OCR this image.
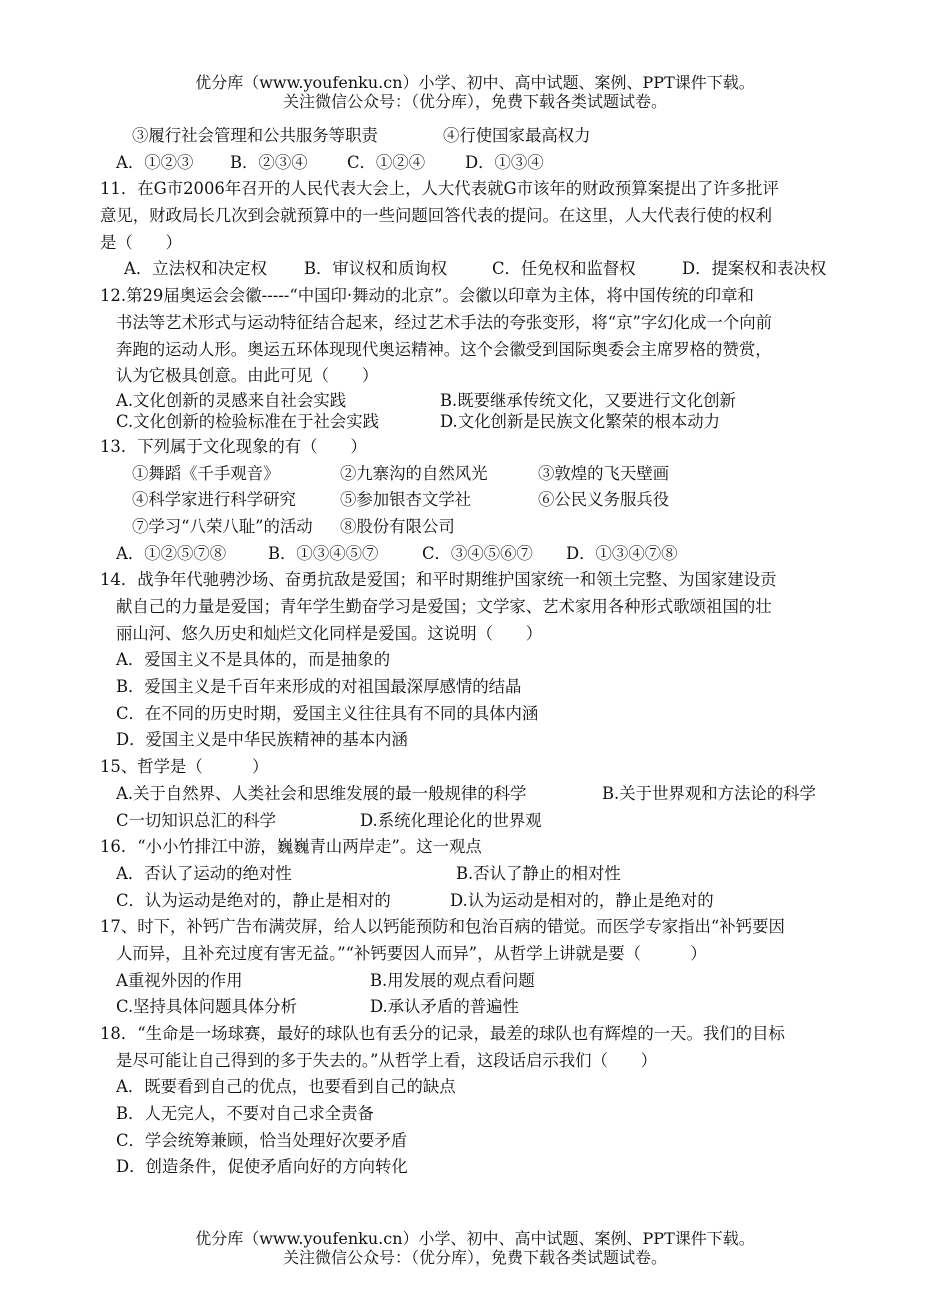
优分库（www.youfenku.cn）小学、初中、高中试题、案例、PPT课件下载。
关注微信公众号：（优分库），免费下载各类试题试卷。
③履行社会管理和公共服务等职责	④行使国家最高权力
A．①②③	B．②③④	C．①②④	D．①③④
11．在G市2006年召开的人民代表大会上，人大代表就G市该年的财政预算案提出了许多批评
意见，财政局长几次到会就预算中的一些问题回答代表的提问。在这里，人大代表行使的权利
是（　　）
A．立法权和决定权	B．审议权和质询权	C．任免权和监督权	D．提案权和表决权
12.第29届奥运会会徽-----“中国印·舞动的北京”。会徽以印章为主体，将中国传统的印章和
书法等艺术形式与运动特征结合起来，经过艺术手法的夸张变形，将“京”字幻化成一个向前
奔跑的运动人形。奥运五环体现现代奥运精神。这个会徽受到国际奥委会主席罗格的赞赏，
认为它极具创意。由此可见（　　）
A.文化创新的灵感来自社会实践	B.既要继承传统文化，又要进行文化创新
C.文化创新的检验标准在于社会实践	D.文化创新是民族文化繁荣的根本动力
13．下列属于文化现象的有（　　）
①舞蹈《千手观音》	②九寨沟的自然风光	③敦煌的飞天壁画
④科学家进行科学研究	⑤参加银杏文学社	⑥公民义务服兵役
⑦学习“八荣八耻”的活动	⑧股份有限公司
A．①②⑤⑦⑧	B．①③④⑤⑦	C．③④⑤⑥⑦	D．①③④⑦⑧
14．战争年代驰骋沙场、奋勇抗敌是爱国；和平时期维护国家统一和领土完整、为国家建设贡
献自己的力量是爱国；青年学生勤奋学习是爱国；文学家、艺术家用各种形式歌颂祖国的壮
丽山河、悠久历史和灿烂文化同样是爱国。这说明（　　）
A．爱国主义不是具体的，而是抽象的
B．爱国主义是千百年来形成的对祖国最深厚感情的结晶
C．在不同的历史时期，爱国主义往往具有不同的具体内涵
D．爱国主义是中华民族精神的基本内涵
15、哲学是（　　　）
A.关于自然界、人类社会和思维发展的最一般规律的科学	B.关于世界观和方法论的科学
C一切知识总汇的科学	D.系统化理论化的世界观
16．“小小竹排江中游，巍巍青山两岸走”。这一观点
A．否认了运动的绝对性	B.否认了静止的相对性
C．认为运动是绝对的，静止是相对的	D.认为运动是相对的，静止是绝对的
17、时下，补钙广告布满荧屏，给人以钙能预防和包治百病的错觉。而医学专家指出“补钙要因
人而异，且补充过度有害无益。”“补钙要因人而异”，从哲学上讲就是要（　　　）
A重视外因的作用	B.用发展的观点看问题
C.坚持具体问题具体分析	D.承认矛盾的普遍性
18．“生命是一场球赛，最好的球队也有丢分的记录，最差的球队也有辉煌的一天。我们的目标
是尽可能让自己得到的多于失去的。”从哲学上看，这段话启示我们（　　）
A．既要看到自己的优点，也要看到自己的缺点
B．人无完人，不要对自己求全责备
C．学会统筹兼顾，恰当处理好次要矛盾
D．创造条件，促使矛盾向好的方向转化
优分库（www.youfenku.cn）小学、初中、高中试题、案例、PPT课件下载。
关注微信公众号：（优分库），免费下载各类试题试卷。
